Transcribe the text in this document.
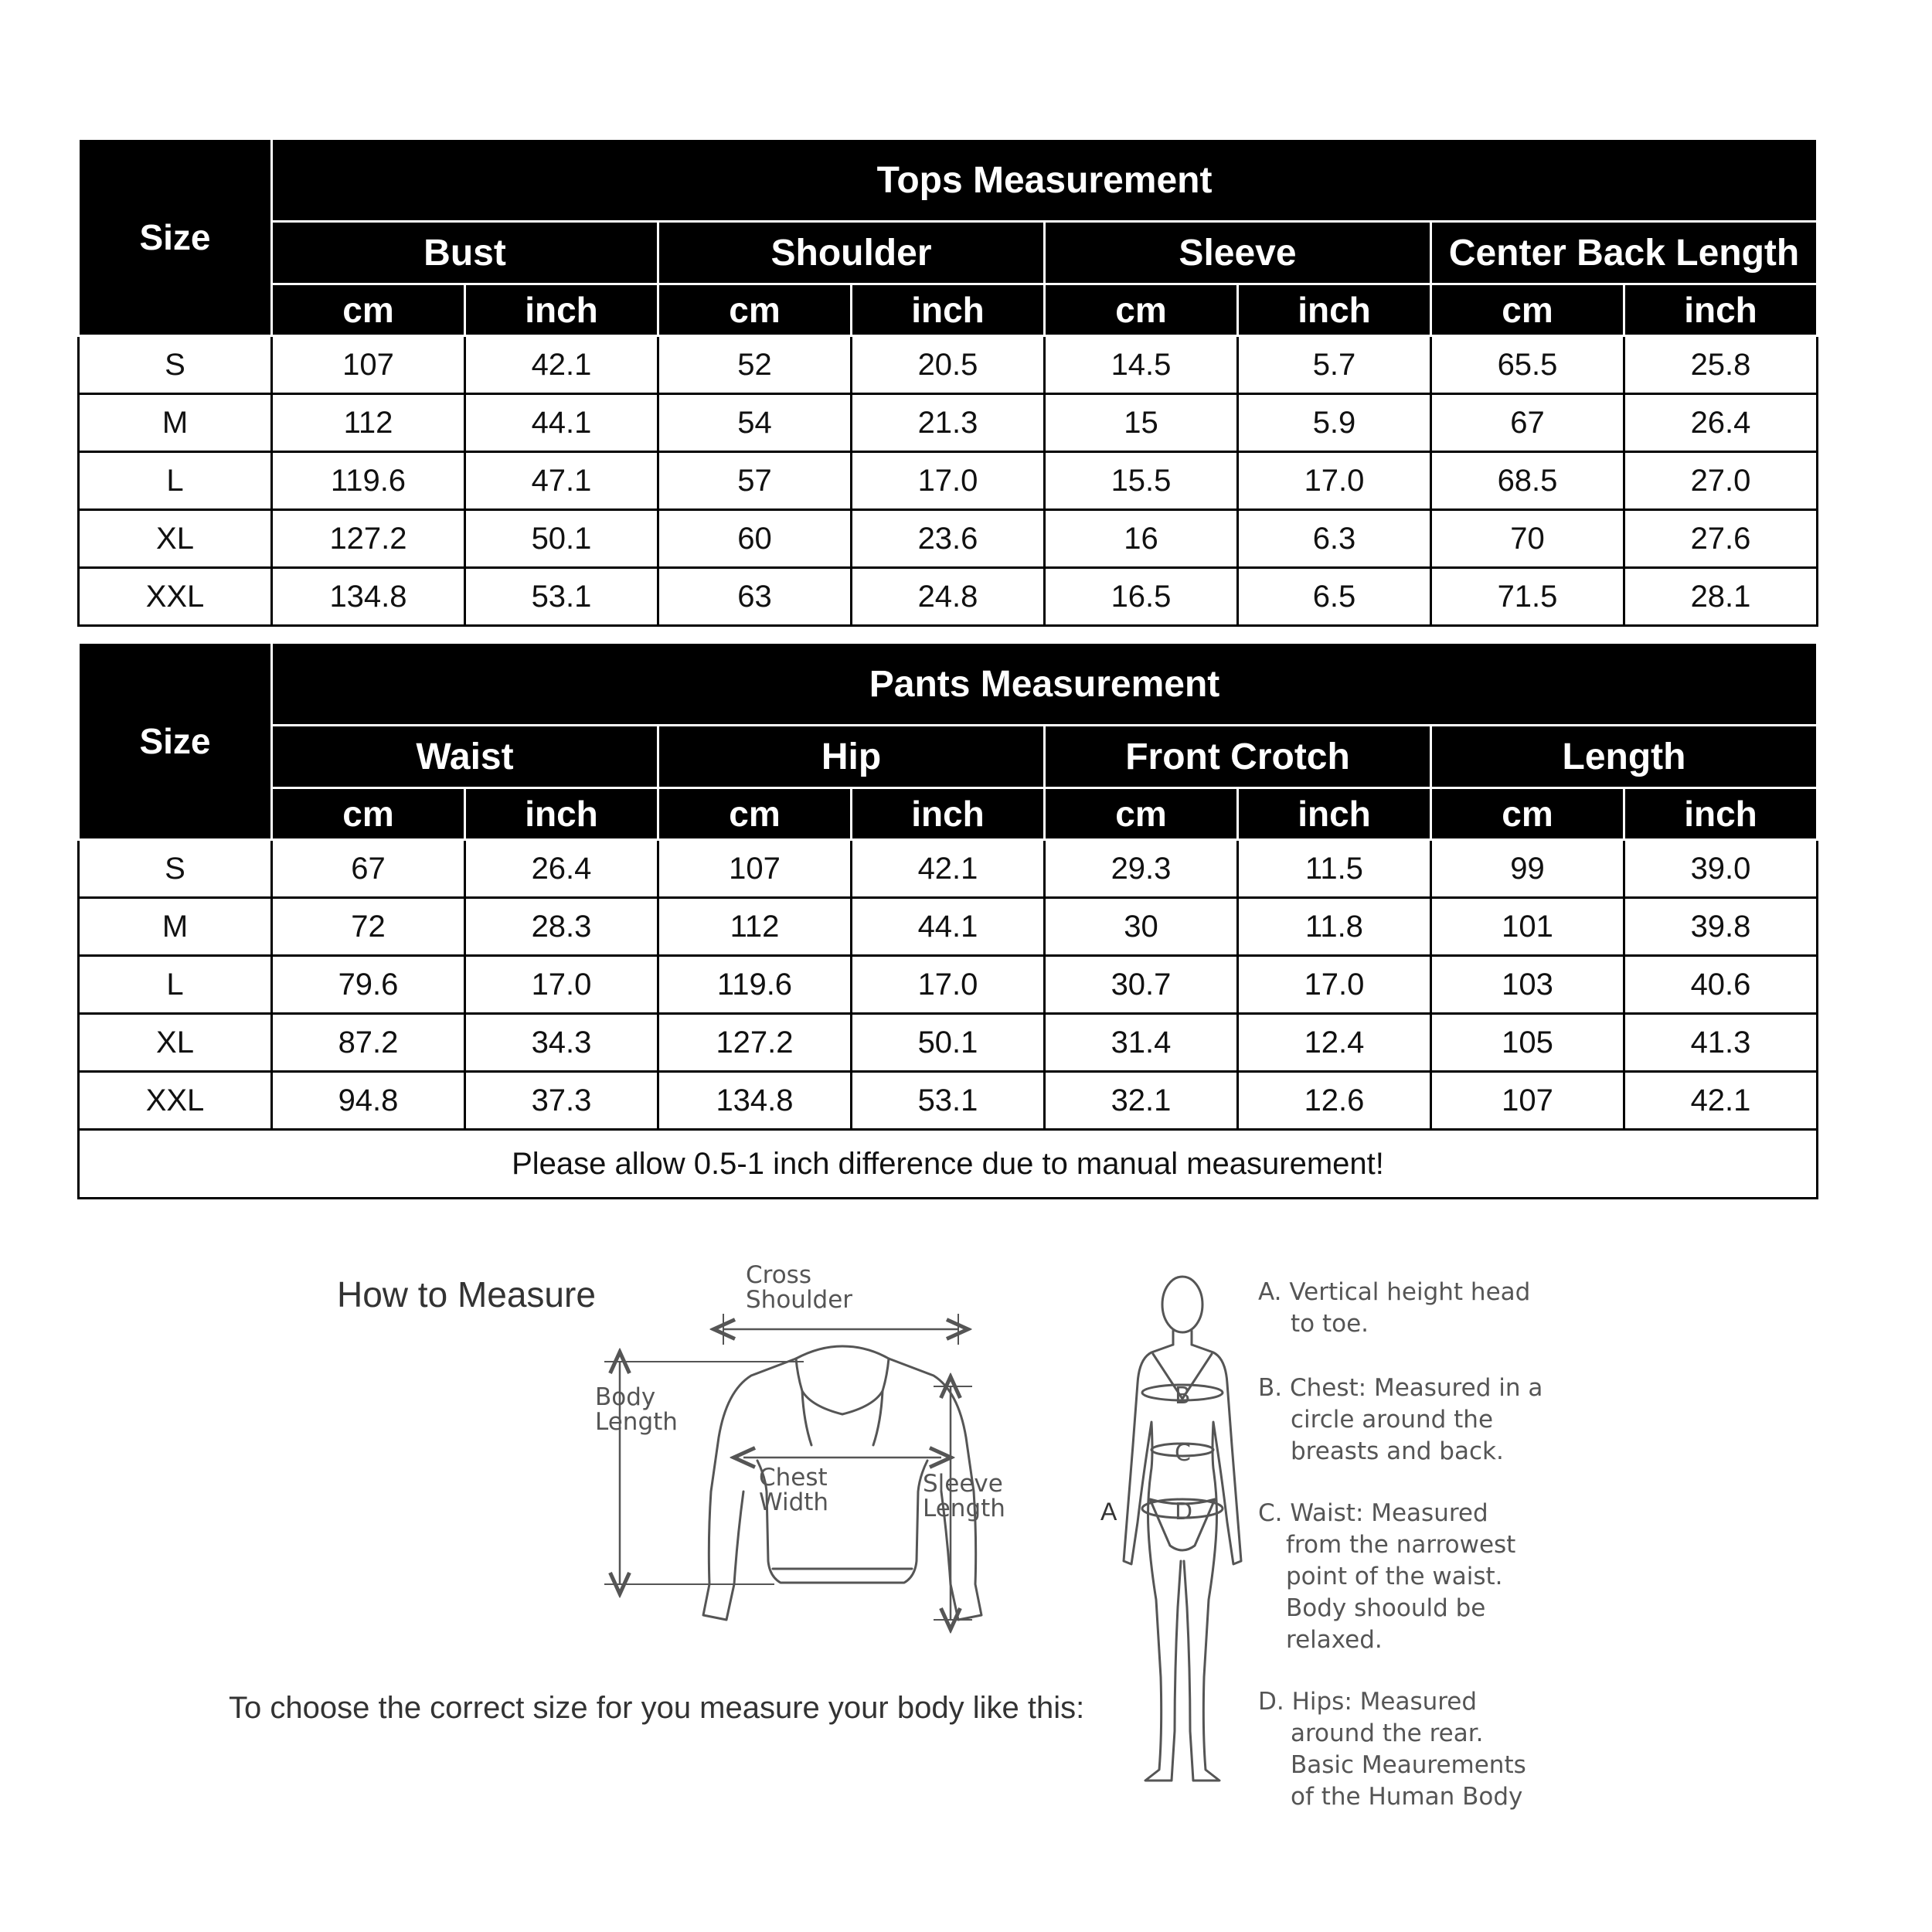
Size	Tops Measurement							
	Bust		Shoulder		Sleeve		Center Back Length	
	cm	inch	cm	inch	cm	inch	cm	inch
S	107	42.1	52	20.5	14.5	5.7	65.5	25.8
M	112	44.1	54	21.3	15	5.9	67	26.4
L	119.6	47.1	57	17.0	15.5	17.0	68.5	27.0
XL	127.2	50.1	60	23.6	16	6.3	70	27.6
XXL	134.8	53.1	63	24.8	16.5	6.5	71.5	28.1
Size	Pants Measurement							
	Waist		Hip		Front Crotch		Length	
	cm	inch	cm	inch	cm	inch	cm	inch
S	67	26.4	107	42.1	29.3	11.5	99	39.0
M	72	28.3	112	44.1	30	11.8	101	39.8
L	79.6	17.0	119.6	17.0	30.7	17.0	103	40.6
XL	87.2	34.3	127.2	50.1	31.4	12.4	105	41.3
XXL	94.8	37.3	134.8	53.1	32.1	12.6	107	42.1
Please allow 0.5-1 inch difference due to manual measurement!								
How to Measure
To choose the correct size for you measure your body like this:
Cross
Shoulder
Body
Length
Chest
Width
Sleeve
Length
B
C
D
A
A. Vertical height head
to toe.
B. Chest: Measured in a
circle around the
breasts and back.
C. Waist: Measured
from the narrowest
point of the waist.
Body shoould be
relaxed.
D. Hips: Measured
around the rear.
Basic Meaurements
of the Human Body
